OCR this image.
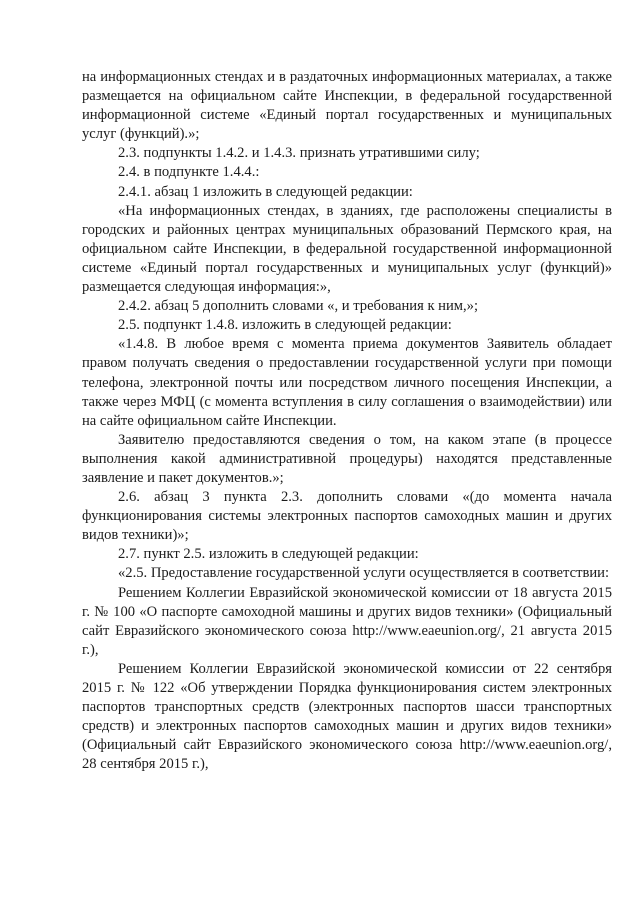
на информационных стендах и в раздаточных информационных материалах, а также размещается на официальном сайте Инспекции, в федеральной государственной информационной системе «Единый портал государственных и муниципальных услуг (функций).»;

2.3. подпункты 1.4.2. и 1.4.3. признать утратившими силу;

2.4. в подпункте 1.4.4.:

2.4.1. абзац 1 изложить в следующей редакции:

«На информационных стендах, в зданиях, где расположены специалисты в городских и районных центрах муниципальных образований Пермского края, на официальном сайте Инспекции, в федеральной государственной информационной системе «Единый портал государственных и муниципальных услуг (функций)» размещается следующая информация:»,

2.4.2. абзац 5 дополнить словами «, и требования к ним,»;

2.5. подпункт 1.4.8. изложить в следующей редакции:

«1.4.8. В любое время с момента приема документов Заявитель обладает правом получать сведения о предоставлении государственной услуги при помощи телефона, электронной почты или посредством личного посещения Инспекции, а также через МФЦ (с момента вступления в силу соглашения о взаимодействии) или на сайте официальном сайте Инспекции.

Заявителю предоставляются сведения о том, на каком этапе (в процессе выполнения какой административной процедуры) находятся представленные заявление и пакет документов.»;

2.6. абзац 3 пункта 2.3. дополнить словами «(до момента начала функционирования системы электронных паспортов самоходных машин и других видов техники)»;

2.7. пункт 2.5. изложить в следующей редакции:

«2.5. Предоставление государственной услуги осуществляется в соответствии:

Решением Коллегии Евразийской экономической комиссии от 18 августа 2015 г. № 100 «О паспорте самоходной машины и других видов техники» (Официальный сайт Евразийского экономического союза http://www.eaeunion.org/, 21 августа 2015 г.),

Решением Коллегии Евразийской экономической комиссии от 22 сентября 2015 г. № 122 «Об утверждении Порядка функционирования систем электронных паспортов транспортных средств (электронных паспортов шасси транспортных средств) и электронных паспортов самоходных машин и других видов техники» (Официальный сайт Евразийского экономического союза http://www.eaeunion.org/, 28 сентября 2015 г.),
